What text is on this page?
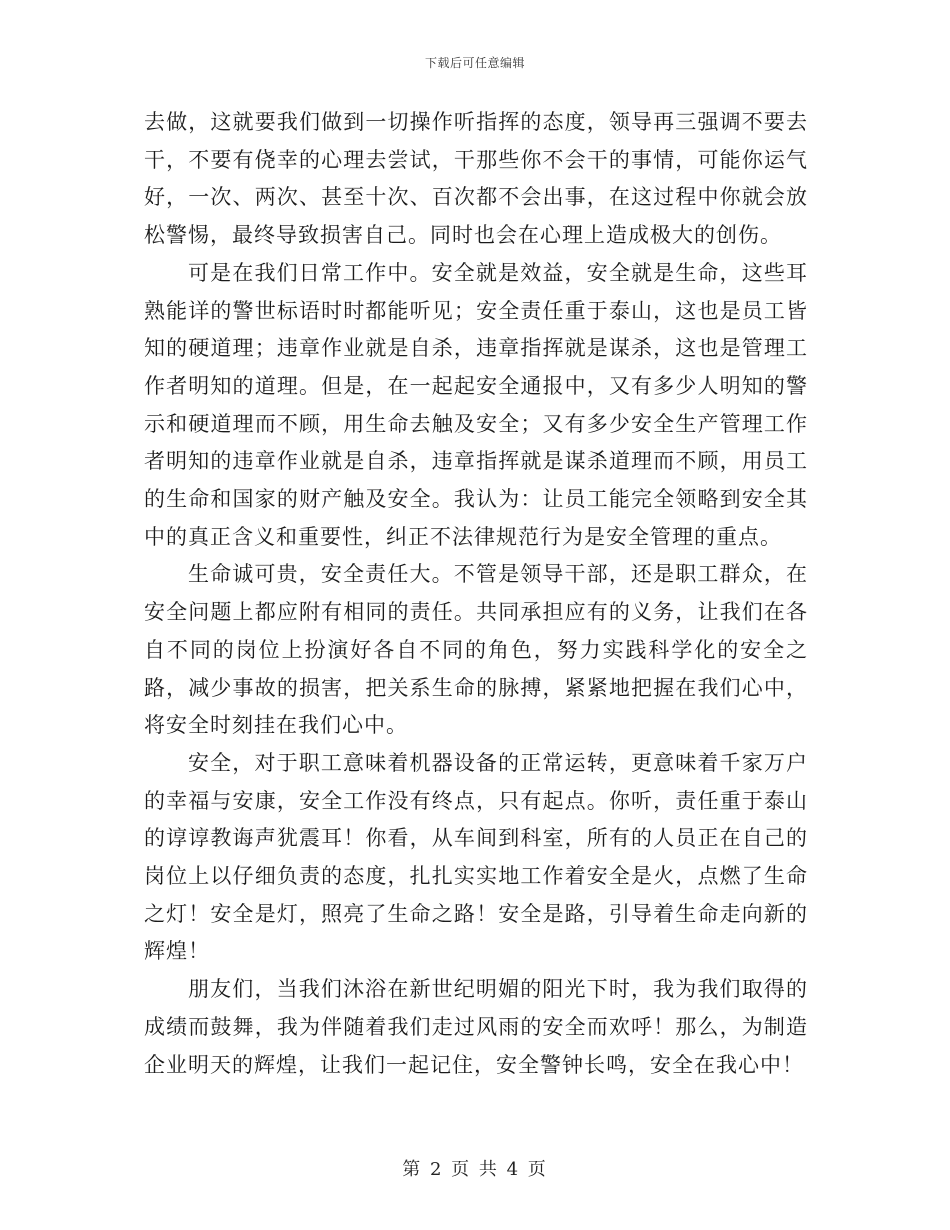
下载后可任意编辑

去做，这就要我们做到一切操作听指挥的态度，领导再三强调不要去干，不要有侥幸的心理去尝试，干那些你不会干的事情，可能你运气好，一次、两次、甚至十次、百次都不会出事，在这过程中你就会放松警惕，最终导致损害自己。同时也会在心理上造成极大的创伤。

可是在我们日常工作中。安全就是效益，安全就是生命，这些耳熟能详的警世标语时时都能听见；安全责任重于泰山，这也是员工皆知的硬道理；违章作业就是自杀，违章指挥就是谋杀，这也是管理工作者明知的道理。但是，在一起起安全通报中，又有多少人明知的警示和硬道理而不顾，用生命去触及安全；又有多少安全生产管理工作者明知的违章作业就是自杀，违章指挥就是谋杀道理而不顾，用员工的生命和国家的财产触及安全。我认为：让员工能完全领略到安全其中的真正含义和重要性，纠正不法律规范行为是安全管理的重点。

生命诚可贵，安全责任大。不管是领导干部，还是职工群众，在安全问题上都应附有相同的责任。共同承担应有的义务，让我们在各自不同的岗位上扮演好各自不同的角色，努力实践科学化的安全之路，减少事故的损害，把关系生命的脉搏，紧紧地把握在我们心中，将安全时刻挂在我们心中。

安全，对于职工意味着机器设备的正常运转，更意味着千家万户的幸福与安康，安全工作没有终点，只有起点。你听，责任重于泰山的谆谆教诲声犹震耳！你看，从车间到科室，所有的人员正在自己的岗位上以仔细负责的态度，扎扎实实地工作着安全是火，点燃了生命之灯！安全是灯，照亮了生命之路！安全是路，引导着生命走向新的辉煌！

朋友们，当我们沐浴在新世纪明媚的阳光下时，我为我们取得的成绩而鼓舞，我为伴随着我们走过风雨的安全而欢呼！那么，为制造企业明天的辉煌，让我们一起记住，安全警钟长鸣，安全在我心中！

第 2 页 共 4 页
